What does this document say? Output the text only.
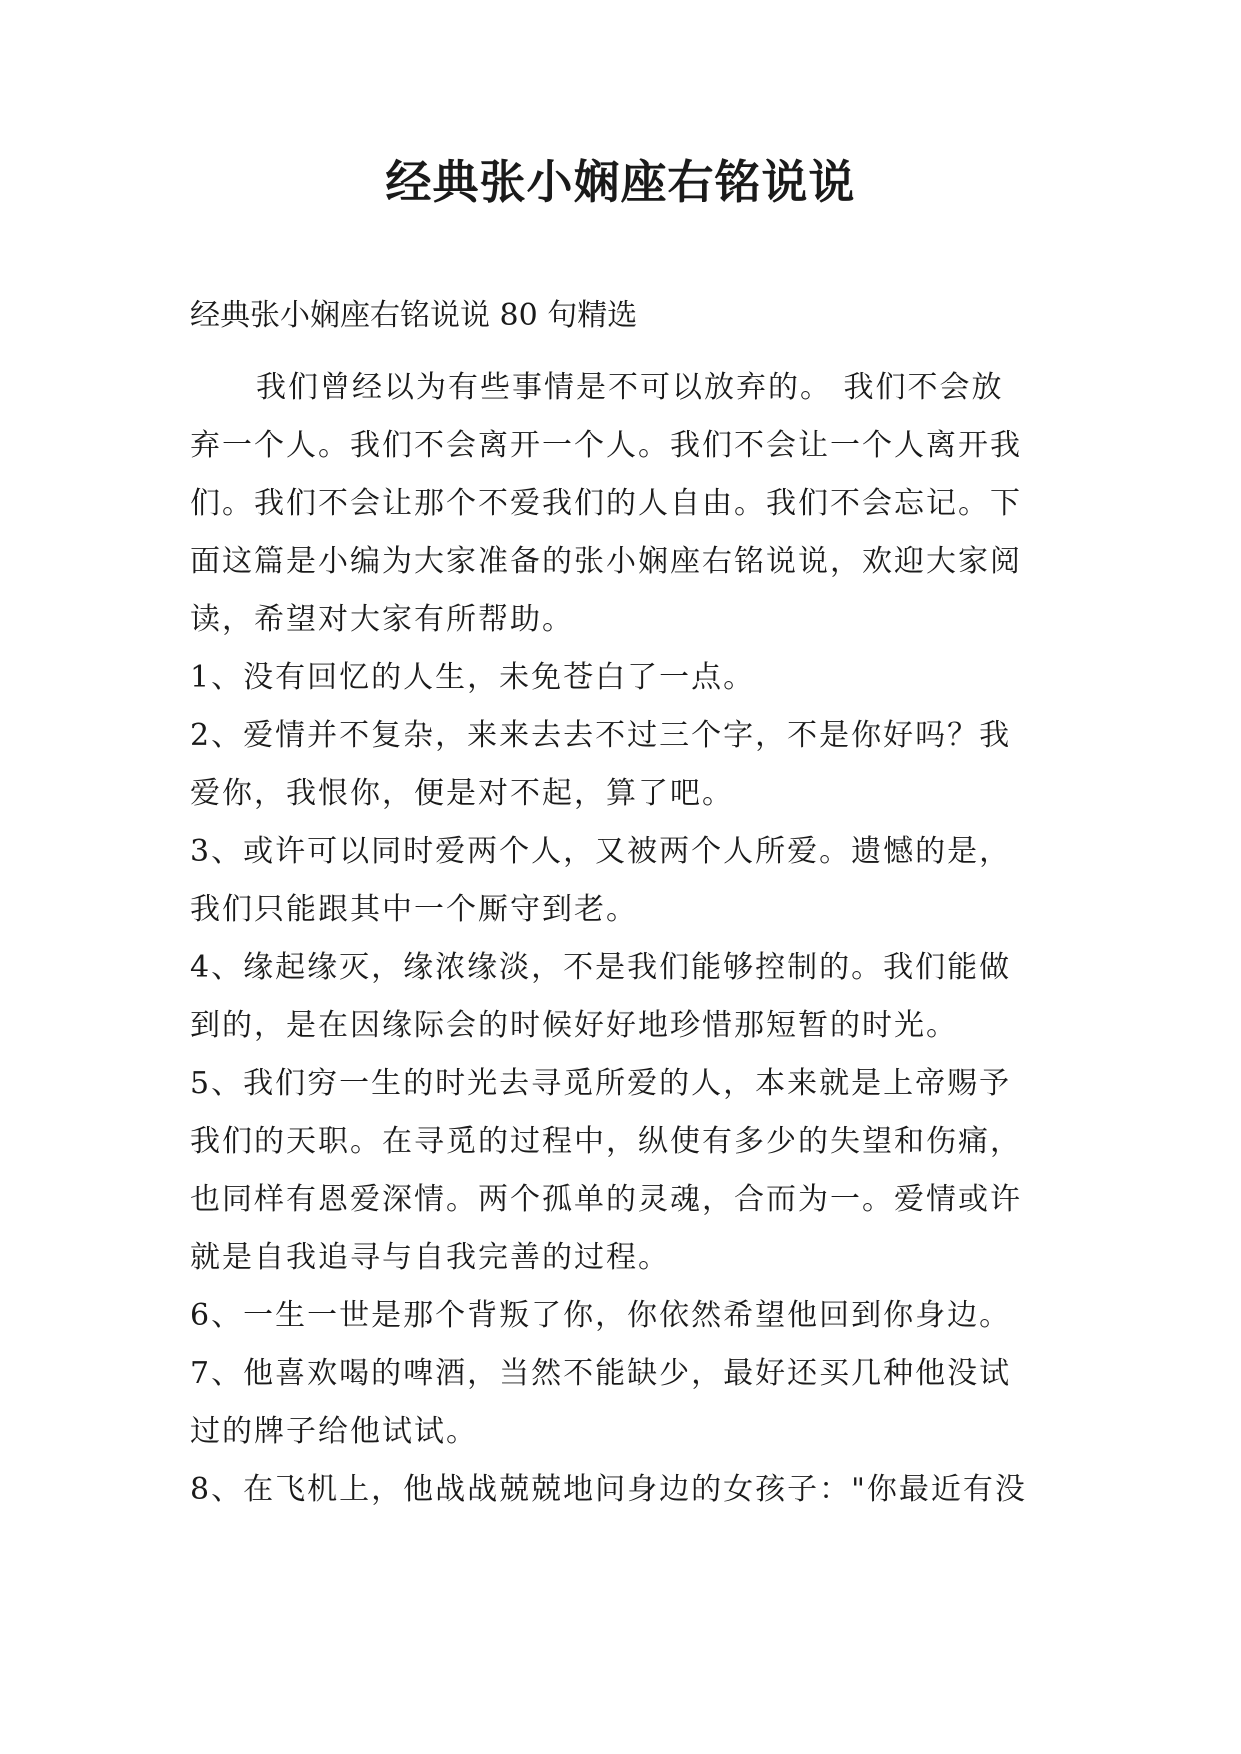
经典张小娴座右铭说说
经典张小娴座右铭说说 80 句精选
我们曾经以为有些事情是不可以放弃的。 我们不会放
弃一个人。我们不会离开一个人。我们不会让一个人离开我
们。我们不会让那个不爱我们的人自由。我们不会忘记。下
面这篇是小编为大家准备的张小娴座右铭说说，欢迎大家阅
读，希望对大家有所帮助。
1、没有回忆的人生，未免苍白了一点。
2、爱情并不复杂，来来去去不过三个字，不是你好吗？我
爱你，我恨你，便是对不起，算了吧。
3、或许可以同时爱两个人，又被两个人所爱。遗憾的是，
我们只能跟其中一个厮守到老。
4、缘起缘灭，缘浓缘淡，不是我们能够控制的。我们能做
到的，是在因缘际会的时候好好地珍惜那短暂的时光。
5、我们穷一生的时光去寻觅所爱的人，本来就是上帝赐予
我们的天职。在寻觅的过程中，纵使有多少的失望和伤痛，
也同样有恩爱深情。两个孤单的灵魂，合而为一。爱情或许
就是自我追寻与自我完善的过程。
6、一生一世是那个背叛了你，你依然希望他回到你身边。
7、他喜欢喝的啤酒，当然不能缺少，最好还买几种他没试
过的牌子给他试试。
8、在飞机上，他战战兢兢地问身边的女孩子："你最近有没
